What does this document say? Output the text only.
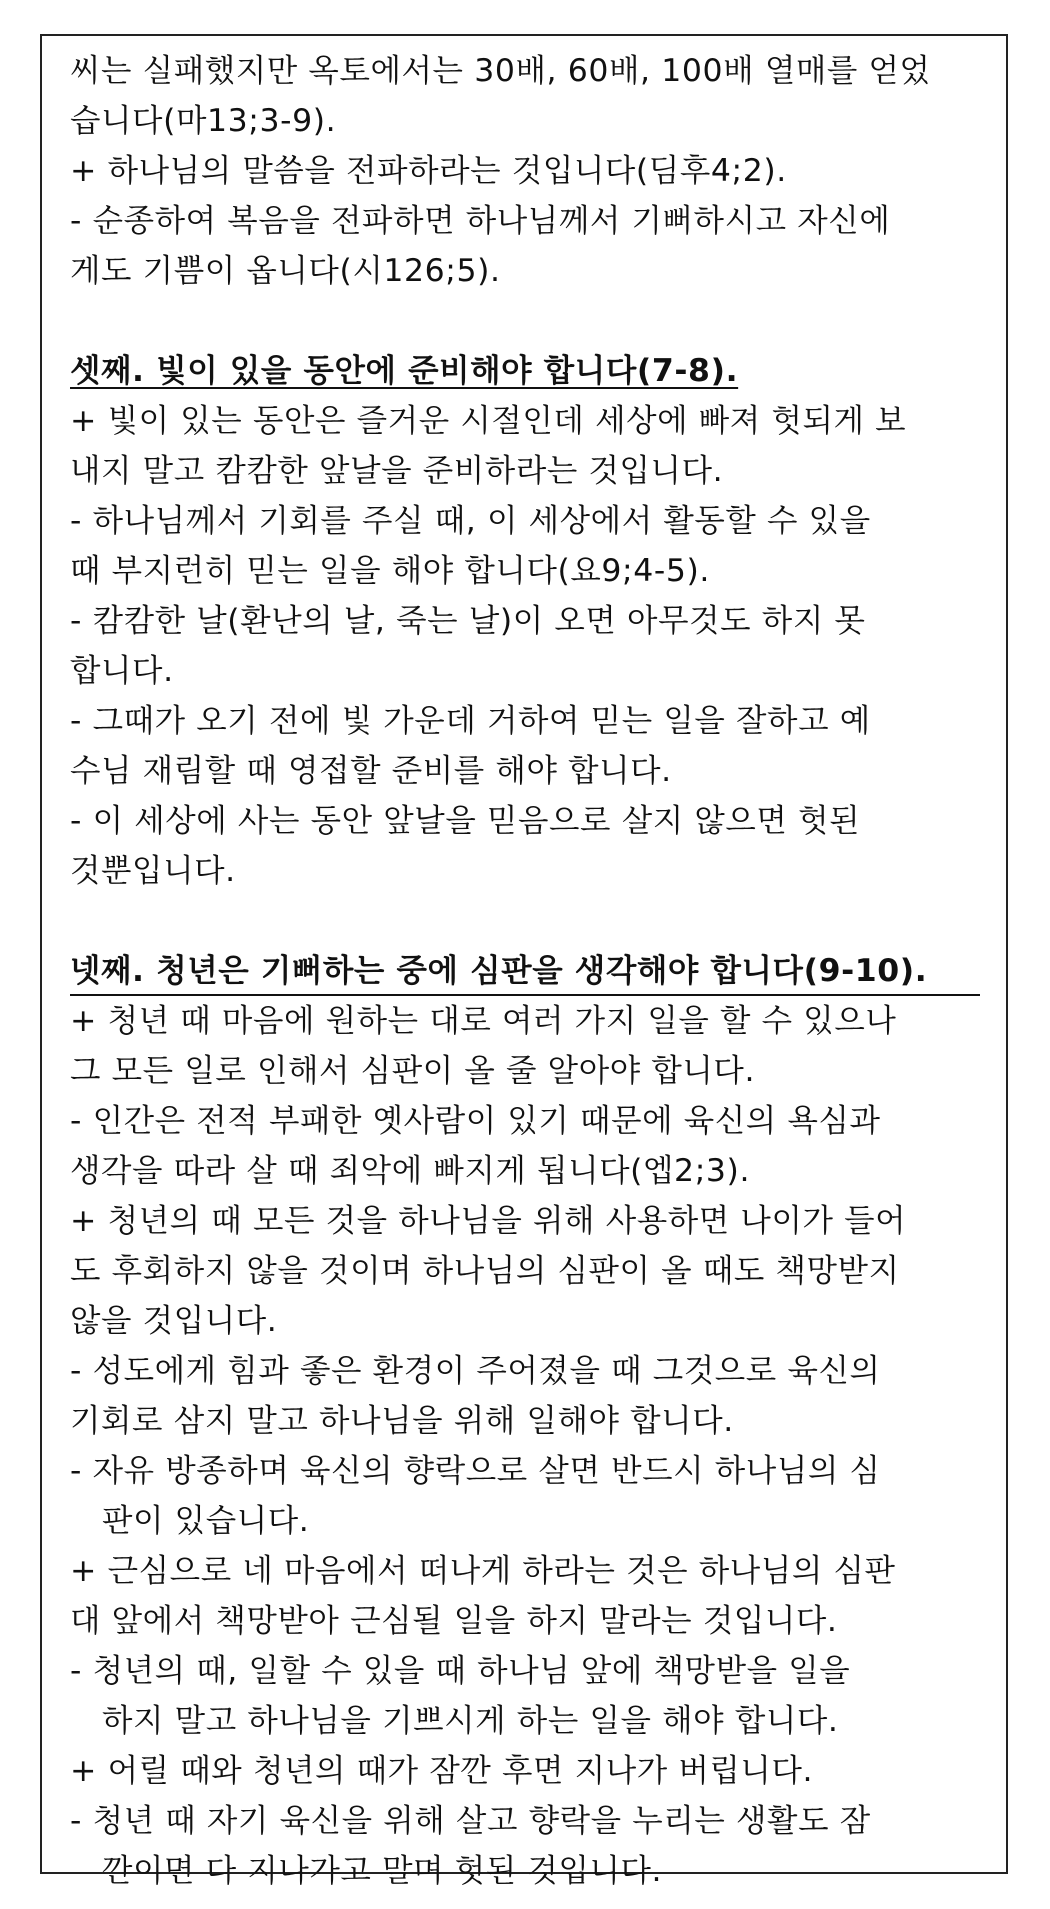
씨는 실패했지만 옥토에서는 30배, 60배, 100배 열매를 얻었
습니다(마13;3-9).
+ 하나님의 말씀을 전파하라는 것입니다(딤후4;2).
- 순종하여 복음을 전파하면 하나님께서 기뻐하시고 자신에
게도 기쁨이 옵니다(시126;5).
셋째. 빛이 있을 동안에 준비해야 합니다(7-8).
+ 빛이 있는 동안은 즐거운 시절인데 세상에 빠져 헛되게 보
내지 말고 캄캄한 앞날을 준비하라는 것입니다.
- 하나님께서 기회를 주실 때, 이 세상에서 활동할 수 있을
때 부지런히 믿는 일을 해야 합니다(요9;4-5).
- 캄캄한 날(환난의 날, 죽는 날)이 오면 아무것도 하지 못
합니다.
- 그때가 오기 전에 빛 가운데 거하여 믿는 일을 잘하고 예
수님 재림할 때 영접할 준비를 해야 합니다.
- 이 세상에 사는 동안 앞날을 믿음으로 살지 않으면 헛된
것뿐입니다.
넷째. 청년은 기뻐하는 중에 심판을 생각해야 합니다(9-10).
+ 청년 때 마음에 원하는 대로 여러 가지 일을 할 수 있으나
그 모든 일로 인해서 심판이 올 줄 알아야 합니다.
- 인간은 전적 부패한 옛사람이 있기 때문에 육신의 욕심과
생각을 따라 살 때 죄악에 빠지게 됩니다(엡2;3).
+ 청년의 때 모든 것을 하나님을 위해 사용하면 나이가 들어
도 후회하지 않을 것이며 하나님의 심판이 올 때도 책망받지
않을 것입니다.
- 성도에게 힘과 좋은 환경이 주어졌을 때 그것으로 육신의
기회로 삼지 말고 하나님을 위해 일해야 합니다.
- 자유 방종하며 육신의 향락으로 살면 반드시 하나님의 심
판이 있습니다.
+ 근심으로 네 마음에서 떠나게 하라는 것은 하나님의 심판
대 앞에서 책망받아 근심될 일을 하지 말라는 것입니다.
- 청년의 때, 일할 수 있을 때 하나님 앞에 책망받을 일을
하지 말고 하나님을 기쁘시게 하는 일을 해야 합니다.
+ 어릴 때와 청년의 때가 잠깐 후면 지나가 버립니다.
- 청년 때 자기 육신을 위해 살고 향락을 누리는 생활도 잠
깐이면 다 지나가고 말며 헛된 것입니다.
